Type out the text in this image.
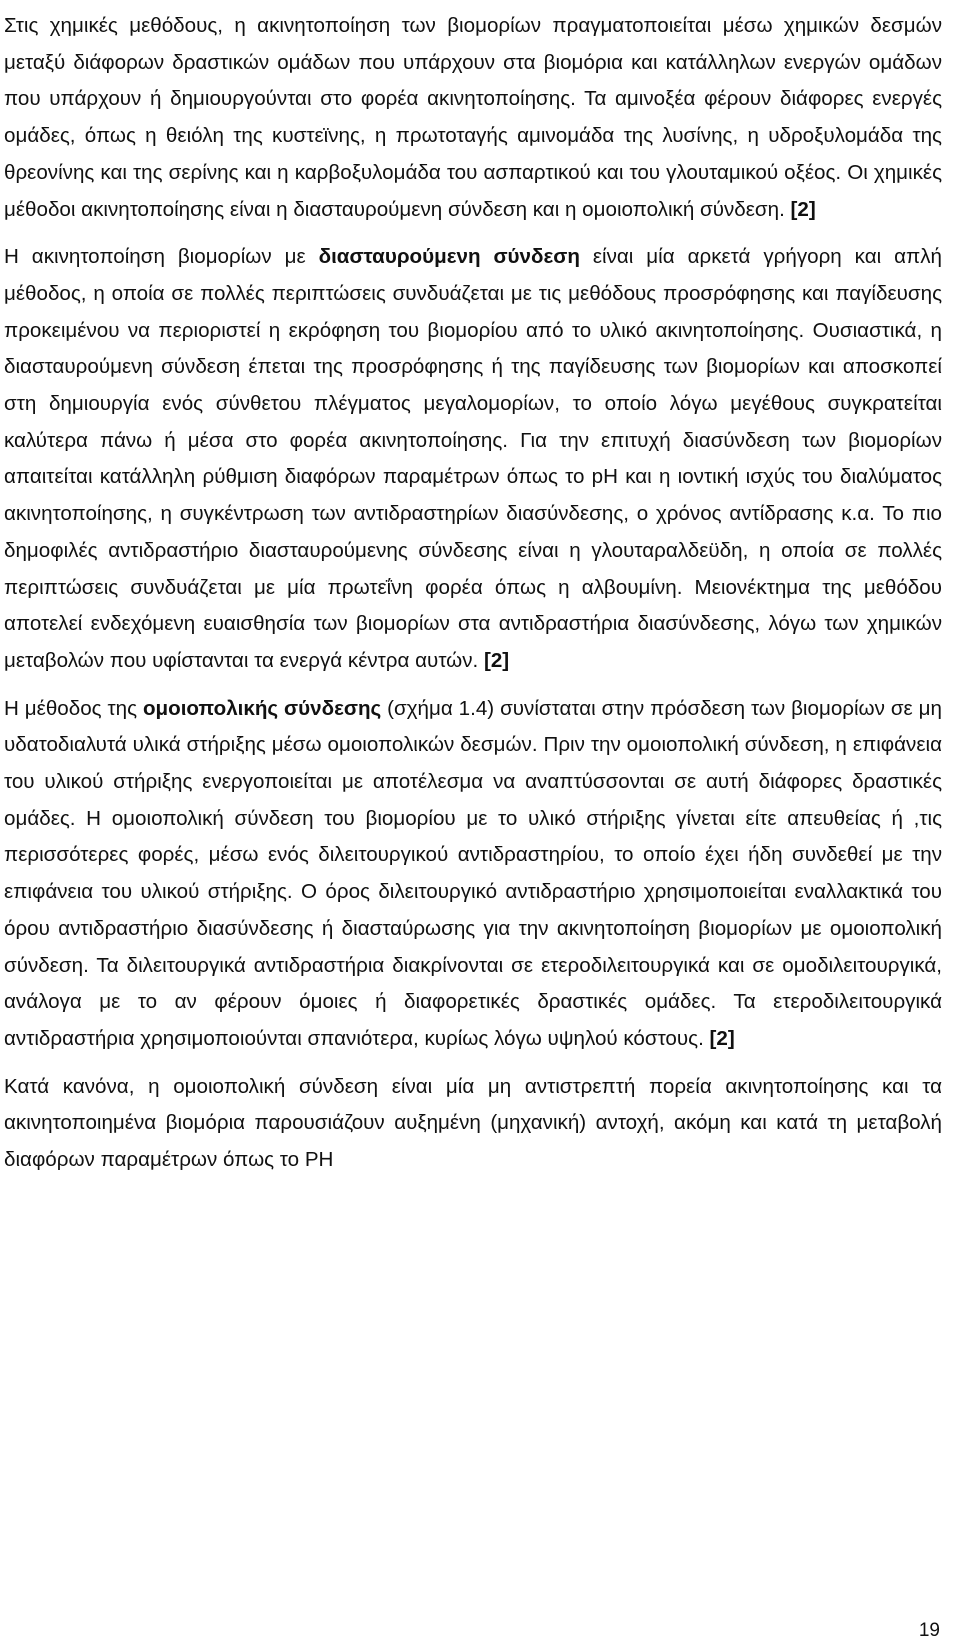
Στις χημικές μεθόδους, η ακινητοποίηση των βιομορίων πραγματοποιείται μέσω χημικών δεσμών μεταξύ διάφορων δραστικών ομάδων που υπάρχουν στα βιομόρια και κατάλληλων ενεργών ομάδων που υπάρχουν ή δημιουργούνται στο φορέα ακινητοποίησης. Τα αμινοξέα φέρουν διάφορες ενεργές ομάδες, όπως η θειόλη της κυστεϊνης, η πρωτοταγής αμινομάδα της λυσίνης, η υδροξυλομάδα της θρεονίνης και της σερίνης και η καρβοξυλομάδα του ασπαρτικού και του γλουταμικού οξέος. Οι χημικές μέθοδοι ακινητοποίησης είναι η διασταυρούμενη σύνδεση και η ομοιοπολική σύνδεση. [2]

Η ακινητοποίηση βιομορίων με διασταυρούμενη σύνδεση είναι μία αρκετά γρήγορη και απλή μέθοδος, η οποία σε πολλές περιπτώσεις συνδυάζεται με τις μεθόδους προσρόφησης και παγίδευσης προκειμένου να περιοριστεί η εκρόφηση του βιομορίου από το υλικό ακινητοποίησης. Ουσιαστικά, η διασταυρούμενη σύνδεση έπεται της προσρόφησης ή της παγίδευσης των βιομορίων και αποσκοπεί στη δημιουργία ενός σύνθετου πλέγματος μεγαλομορίων, το οποίο λόγω μεγέθους συγκρατείται καλύτερα πάνω ή μέσα στο φορέα ακινητοποίησης. Για την επιτυχή διασύνδεση των βιομορίων απαιτείται κατάλληλη ρύθμιση διαφόρων παραμέτρων όπως το pH και η ιοντική ισχύς του διαλύματος ακινητοποίησης, η συγκέντρωση των αντιδραστηρίων διασύνδεσης, ο χρόνος αντίδρασης κ.α. Το πιο δημοφιλές αντιδραστήριο διασταυρούμενης σύνδεσης είναι η γλουταραλδεϋδη, η οποία σε πολλές περιπτώσεις συνδυάζεται με μία πρωτεΐνη φορέα όπως η αλβουμίνη. Μειονέκτημα της μεθόδου αποτελεί ενδεχόμενη ευαισθησία των βιομορίων στα αντιδραστήρια διασύνδεσης, λόγω των χημικών μεταβολών που υφίστανται τα ενεργά κέντρα αυτών. [2]

Η μέθοδος της ομοιοπολικής σύνδεσης (σχήμα 1.4) συνίσταται στην πρόσδεση των βιομορίων σε μη υδατοδιαλυτά υλικά στήριξης μέσω ομοιοπολικών δεσμών. Πριν την ομοιοπολική σύνδεση, η επιφάνεια του υλικού στήριξης ενεργοποιείται με αποτέλεσμα να αναπτύσσονται σε αυτή διάφορες δραστικές ομάδες. Η ομοιοπολική σύνδεση του βιομορίου με το υλικό στήριξης γίνεται είτε απευθείας ή ,τις περισσότερες φορές, μέσω ενός διλειτουργικού αντιδραστηρίου, το οποίο έχει ήδη συνδεθεί με την επιφάνεια του υλικού στήριξης. Ο όρος διλειτουργικό αντιδραστήριο χρησιμοποιείται εναλλακτικά του όρου αντιδραστήριο διασύνδεσης ή διασταύρωσης για την ακινητοποίηση βιομορίων με ομοιοπολική σύνδεση. Τα διλειτουργικά αντιδραστήρια διακρίνονται σε ετεροδιλειτουργικά και σε ομοδιλειτουργικά, ανάλογα με το αν φέρουν όμοιες ή διαφορετικές δραστικές ομάδες. Τα ετεροδιλειτουργικά αντιδραστήρια χρησιμοποιούνται σπανιότερα, κυρίως λόγω υψηλού κόστους. [2]

Κατά κανόνα, η ομοιοπολική σύνδεση είναι μία μη αντιστρεπτή πορεία ακινητοποίησης και τα ακινητοποιημένα βιομόρια παρουσιάζουν αυξημένη (μηχανική) αντοχή, ακόμη και κατά τη μεταβολή διαφόρων παραμέτρων όπως το PH

19
